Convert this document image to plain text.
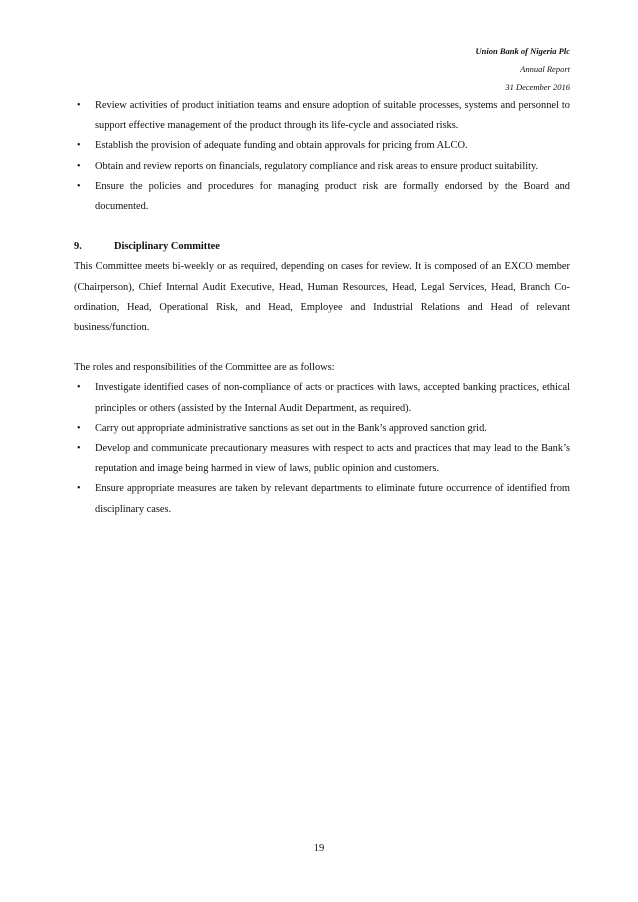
Union Bank of Nigeria Plc
Annual Report
31 December 2016
• Review activities of product initiation teams and ensure adoption of suitable processes, systems and personnel to support effective management of the product through its life-cycle and associated risks.
• Establish the provision of adequate funding and obtain approvals for pricing from ALCO.
• Obtain and review reports on financials, regulatory compliance and risk areas to ensure product suitability.
• Ensure the policies and procedures for managing product risk are formally endorsed by the Board and documented.
9.	Disciplinary Committee

This Committee meets bi-weekly or as required, depending on cases for review. It is composed of an EXCO member (Chairperson), Chief Internal Audit Executive, Head, Human Resources, Head, Legal Services, Head, Branch Co-ordination, Head, Operational Risk, and Head, Employee and Industrial Relations and Head of relevant business/function.

The roles and responsibilities of the Committee are as follows:

• Investigate identified cases of non-compliance of acts or practices with laws, accepted banking practices, ethical principles or others (assisted by the Internal Audit Department, as required).
• Carry out appropriate administrative sanctions as set out in the Bank’s approved sanction grid.
• Develop and communicate precautionary measures with respect to acts and practices that may lead to the Bank’s reputation and image being harmed in view of laws, public opinion and customers.
• Ensure appropriate measures are taken by relevant departments to eliminate future occurrence of identified from disciplinary cases.
19
